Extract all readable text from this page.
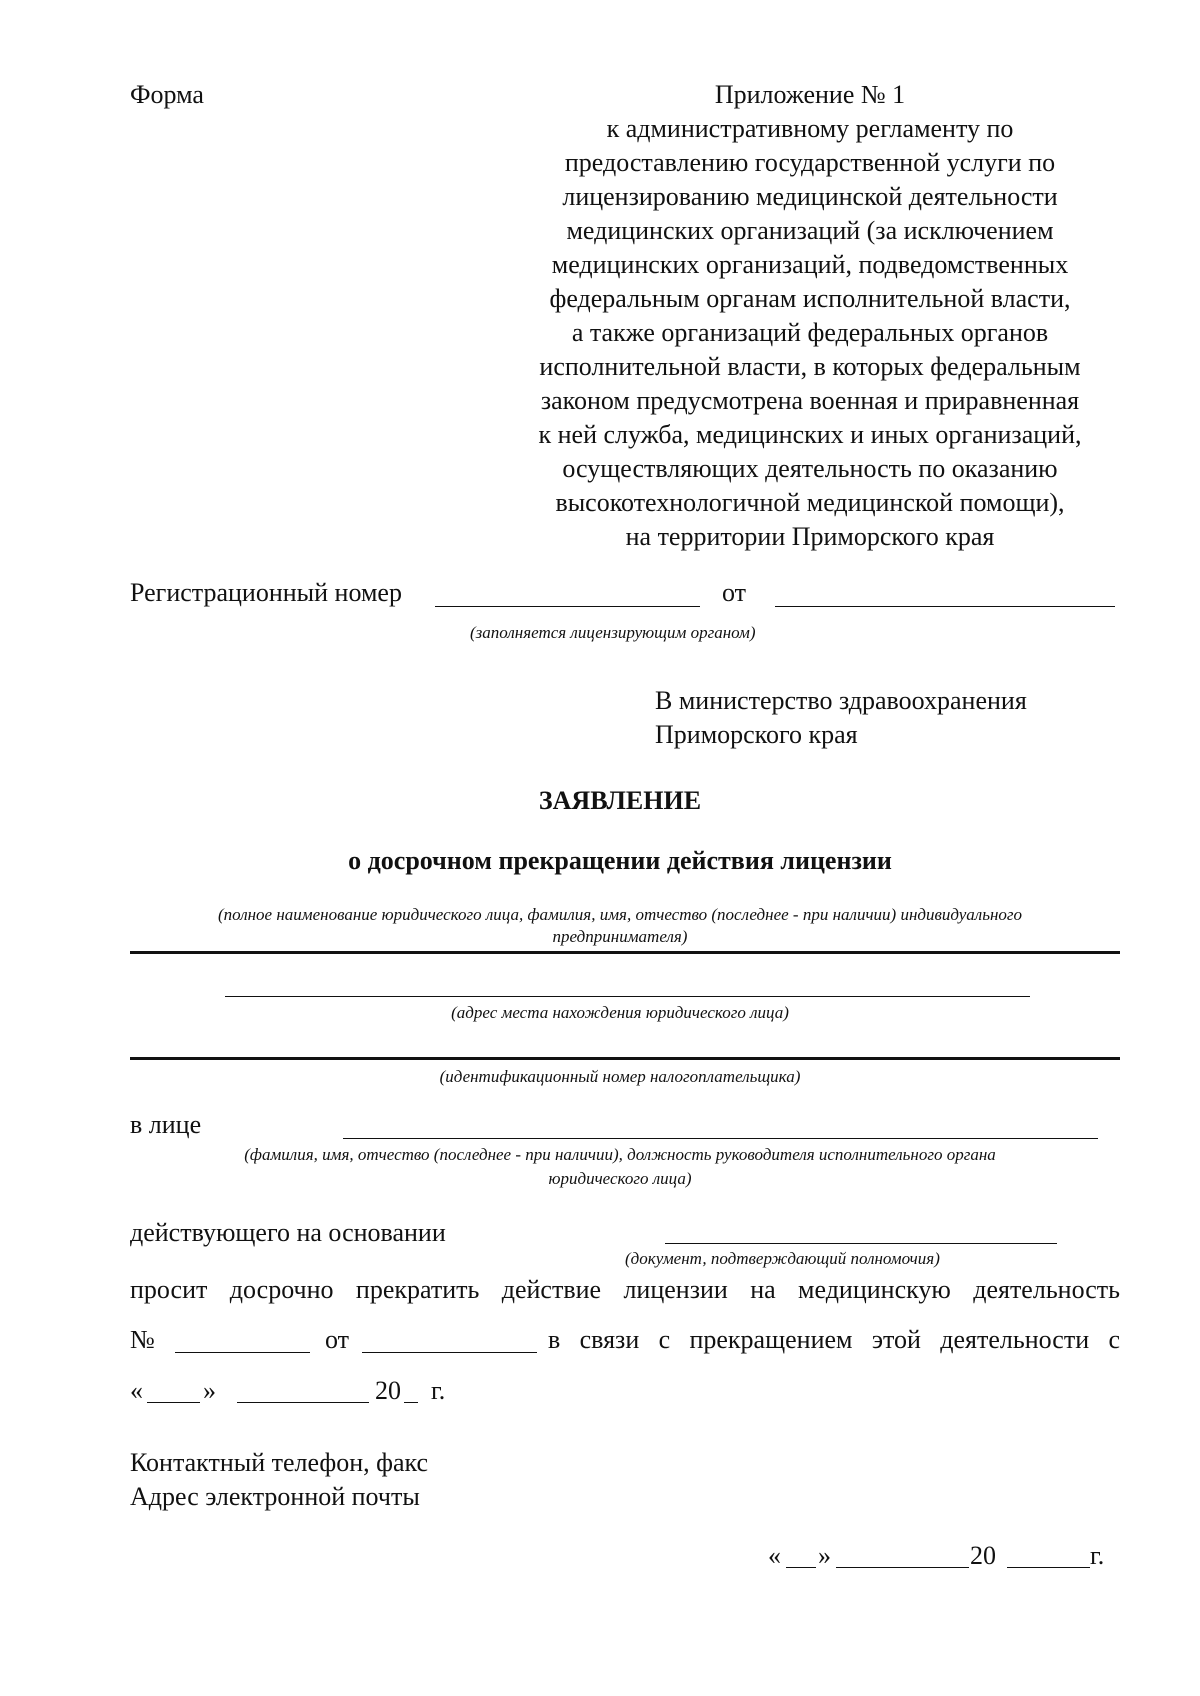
Форма	Приложение № 1
к административному регламенту по
предоставлению государственной услуги по
лицензированию медицинской деятельности
медицинских организаций (за исключением
медицинских организаций, подведомственных
федеральным органам исполнительной власти,
а также организаций федеральных органов
исполнительной власти, в которых федеральным
законом предусмотрена военная и приравненная
к ней служба, медицинских и иных организаций,
осуществляющих деятельность по оказанию
высокотехнологичной медицинской помощи),
на территории Приморского края
Регистрационный номер	от
(заполняется лицензирующим органом)
В министерство здравоохранения
Приморского края
ЗАЯВЛЕНИЕ
о досрочном прекращении действия лицензии
(полное наименование юридического лица, фамилия, имя, отчество (последнее - при наличии) индивидуального
предпринимателя)
(адрес места нахождения юридического лица)
(идентификационный номер налогоплательщика)
в лице
(фамилия, имя, отчество (последнее - при наличии), должность руководителя исполнительного органа
юридического лица)
действующего на основании
(документ, подтверждающий полномочия)
просит досрочно прекратить действие лицензии на медицинскую деятельность
№	от	в связи с прекращением этой деятельности с
« »	20 г.
Контактный телефон, факс
Адрес электронной почты
« »	20	г.
